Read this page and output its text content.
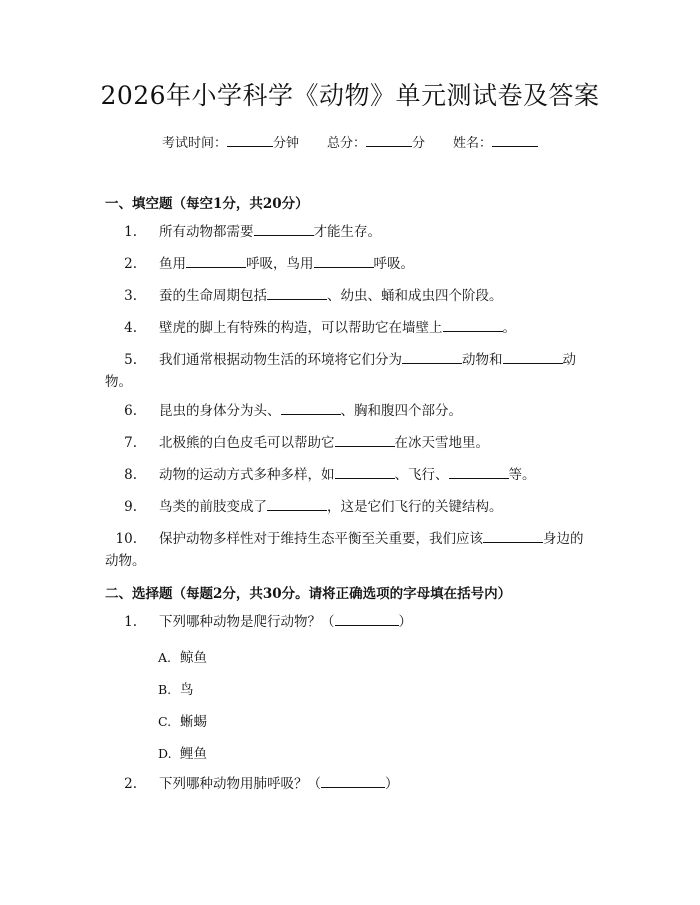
2026年小学科学《动物》单元测试卷及答案
考试时间：	分钟 总分：	分 姓名：
一、填空题（每空1分，共20分）
1. 所有动物都需要	才能生存。
2. 鱼用	呼吸，鸟用	呼吸。
3. 蚕的生命周期包括	、幼虫、蛹和成虫四个阶段。
4. 壁虎的脚上有特殊的构造，可以帮助它在墙壁上	。
5. 我们通常根据动物生活的环境将它们分为	动物和	动物。
6. 昆虫的身体分为头、	、胸和腹四个部分。
7. 北极熊的白色皮毛可以帮助它	在冰天雪地里。
8. 动物的运动方式多种多样，如	、飞行、	等。
9. 鸟类的前肢变成了	，这是它们飞行的关键结构。
10. 保护动物多样性对于维持生态平衡至关重要，我们应该	身边的动物。
二、选择题（每题2分，共30分。请将正确选项的字母填在括号内）
1. 下列哪种动物是爬行动物？（	）
A. 鲸鱼
B. 鸟
C. 蜥蜴
D. 鲤鱼
2. 下列哪种动物用肺呼吸？（	）
